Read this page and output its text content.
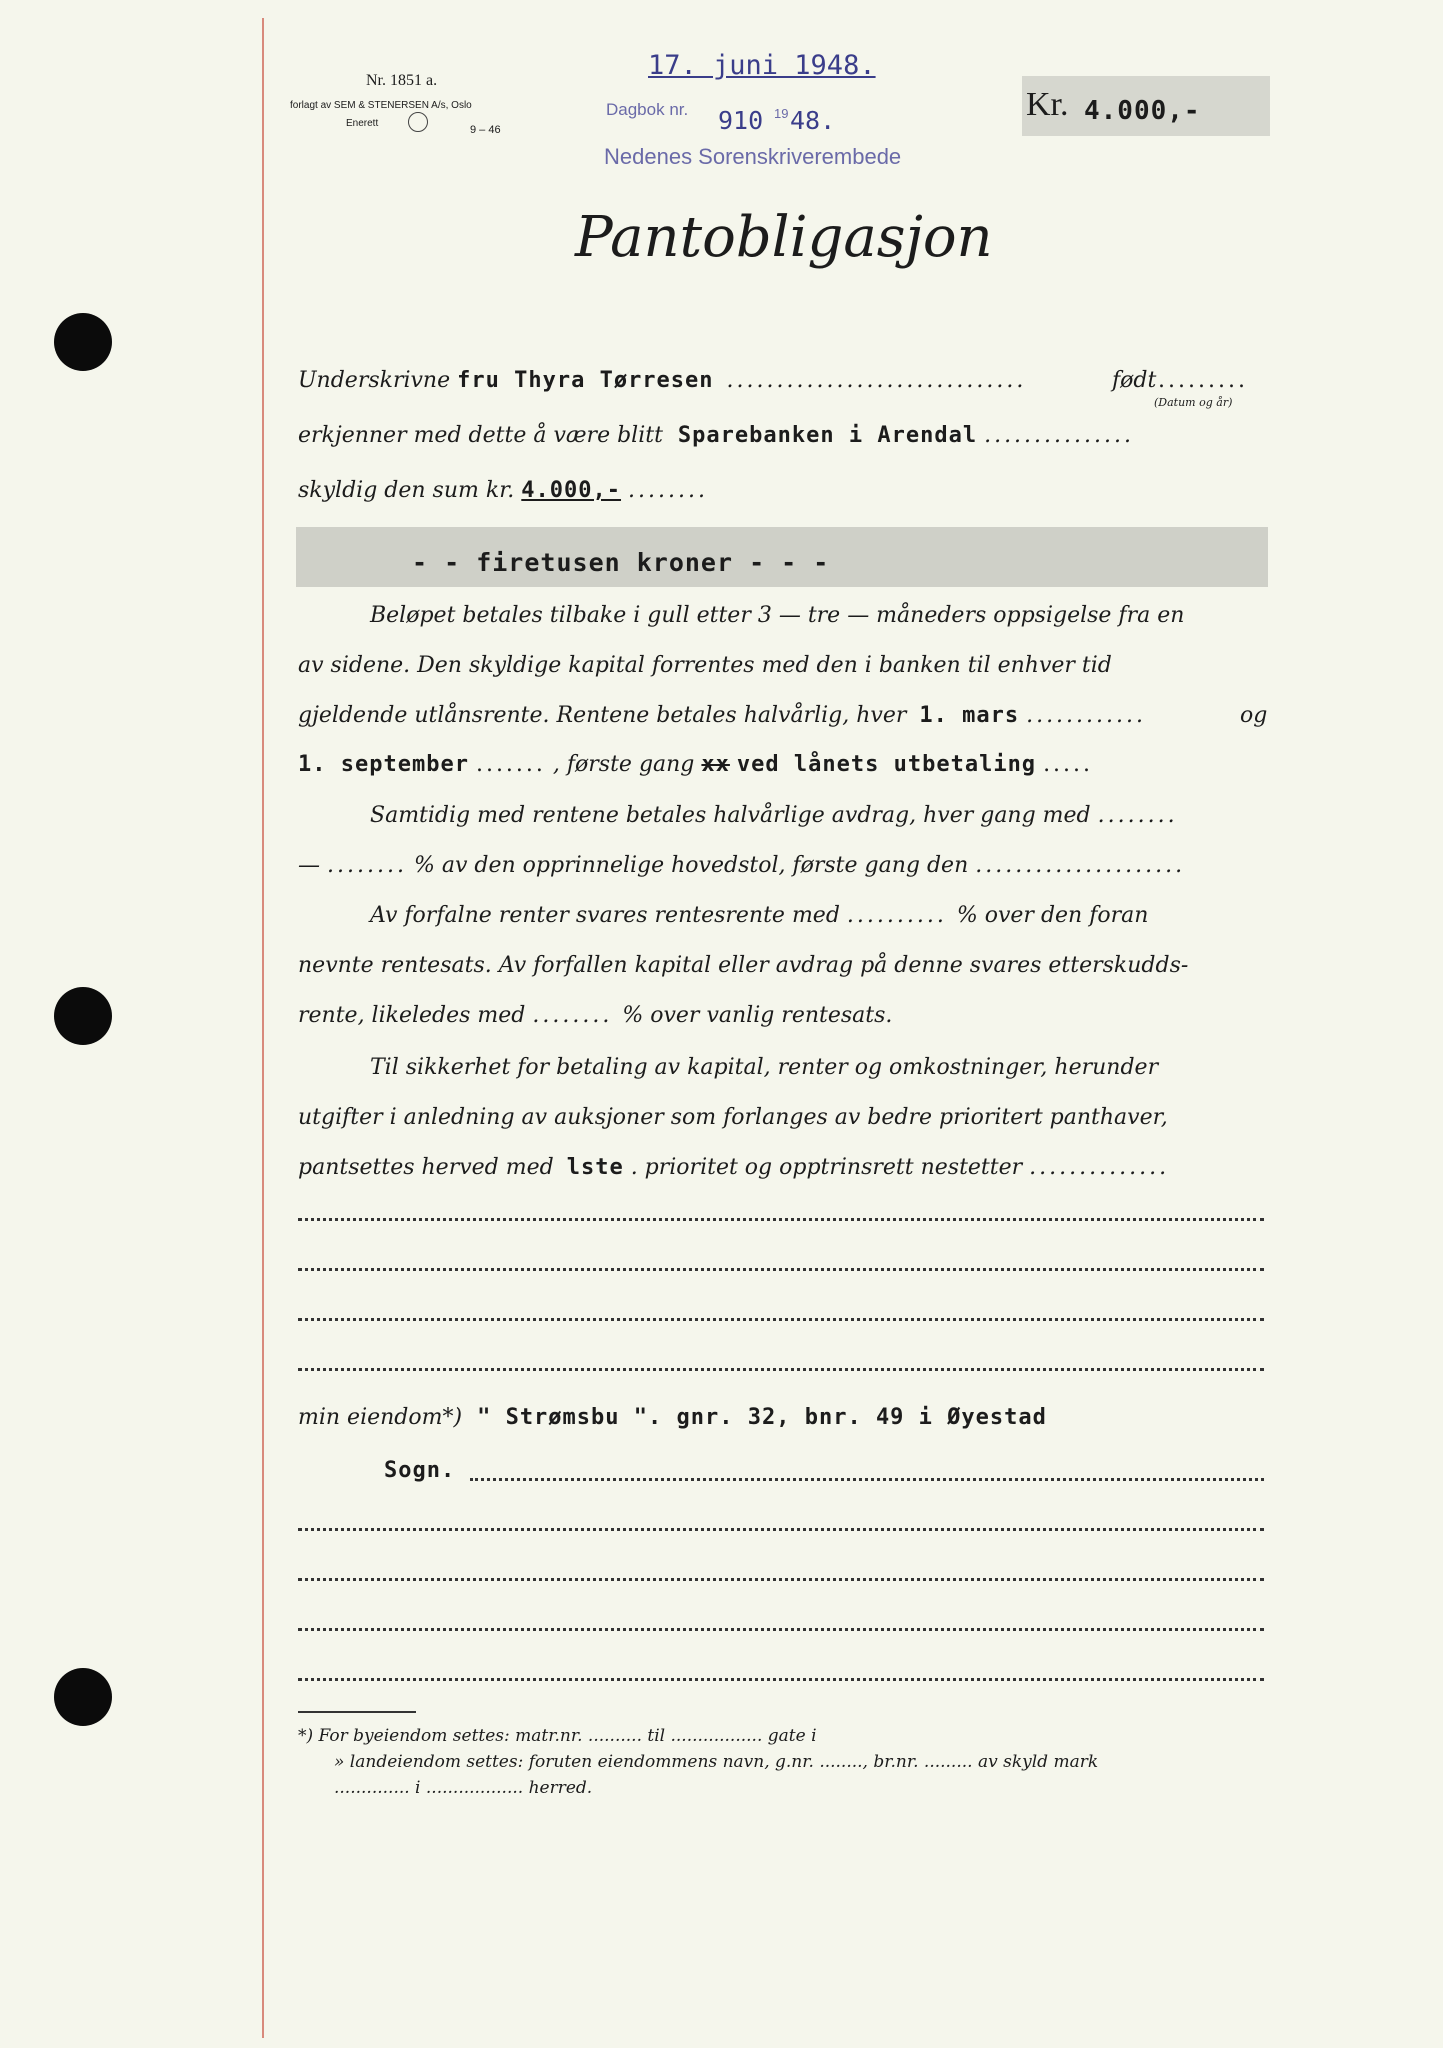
Nr. 1851 a.
forlagt av SEM & STENERSEN A/s, Oslo
Enerett
9 – 46
17. juni 1948.
Dagbok nr. 910 19 48.
Nedenes Sorenskriverembede
Kr. 4.000,-
Pantobligasjon
Underskrivne fru Thyra Tørresen ..............................	født .........
(Datum og år)
erkjenner med dette å være blitt Sparebanken i Arendal ...............
skyldig den sum kr. 4.000,- ........
- - firetusen kroner - - -
Beløpet betales tilbake i gull etter 3 — tre — måneders oppsigelse fra en
av sidene. Den skyldige kapital forrentes med den i banken til enhver tid
gjeldende utlånsrente. Rentene betales halvårlig, hver 1. mars ............	og
1. september ....... , første gang xx ved lånets utbetaling .....
Samtidig med rentene betales halvårlige avdrag, hver gang med ........
— ........ % av den opprinnelige hovedstol, første gang den .....................
Av forfalne renter svares rentesrente med .......... % over den foran
nevnte rentesats. Av forfallen kapital eller avdrag på denne svares etterskudds-
rente, likeledes med ........ % over vanlig rentesats.
Til sikkerhet for betaling av kapital, renter og omkostninger, herunder
utgifter i anledning av auksjoner som forlanges av bedre prioritert panthaver,
pantsettes herved med lste . prioritet og opptrinsrett nestetter ..............
min eiendom*) " Strømsbu ". gnr. 32, bnr. 49 i Øyestad
Sogn.
*) For byeiendom settes: matr.nr. .......... til ................. gate i
» landeiendom settes: foruten eiendommens navn, g.nr. ........, br.nr. ......... av skyld mark
.............. i .................. herred.
